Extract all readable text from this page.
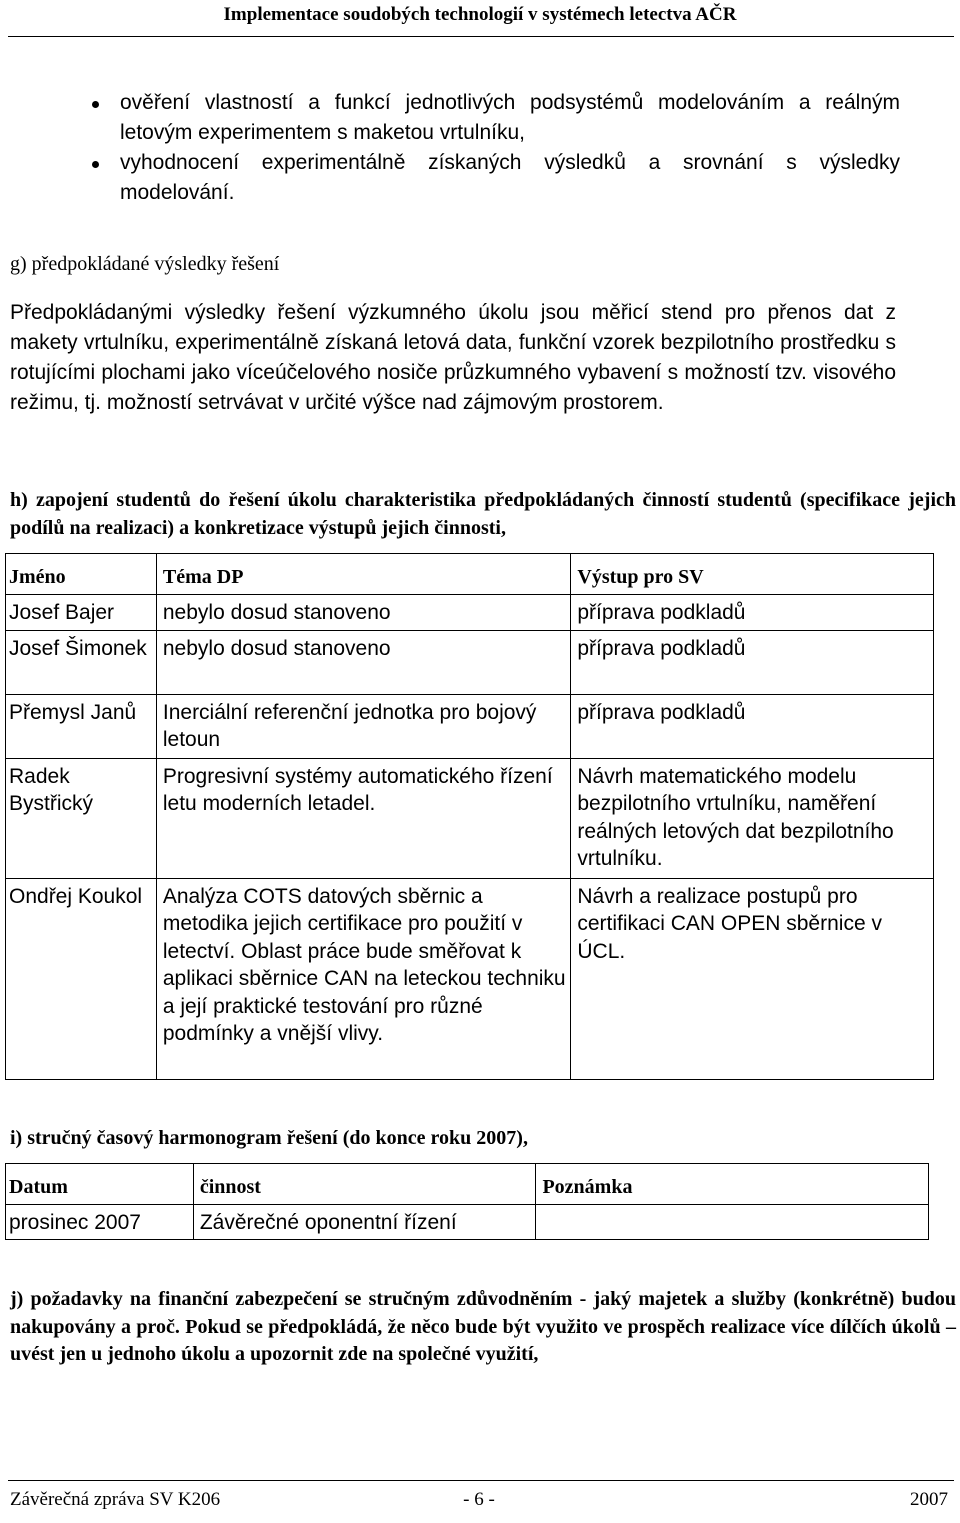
Implementace soudobých technologií v systémech letectva AČR
ověření vlastností a funkcí jednotlivých podsystémů modelováním a reálným letovým experimentem s maketou vrtulníku,
vyhodnocení experimentálně získaných výsledků a srovnání s výsledky modelování.
g) předpokládané výsledky řešení
Předpokládanými výsledky řešení výzkumného úkolu jsou měřicí stend pro přenos dat z makety vrtulníku, experimentálně získaná letová data, funkční vzorek bezpilotního prostředku s rotujícími plochami jako víceúčelového nosiče průzkumného vybavení s možností tzv. visového režimu, tj. možností setrvávat v určité výšce nad zájmovým prostorem.
h) zapojení studentů do řešení úkolu charakteristika předpokládaných činností studentů (specifikace jejich podílů na realizaci) a konkretizace výstupů jejich činnosti,
Jméno	Téma DP	Výstup pro SV
Josef Bajer	nebylo dosud stanoveno	příprava podkladů
Josef Šimonek	nebylo dosud stanoveno	příprava podkladů
Přemysl Janů	Inerciální referenční jednotka pro bojový letoun	příprava podkladů
Radek Bystřický	Progresivní systémy automatického řízení letu moderních letadel.	Návrh matematického modelu bezpilotního vrtulníku, naměření reálných letových dat bezpilotního vrtulníku.
Ondřej Koukol	Analýza COTS datových sběrnic a metodika jejich certifikace pro použití v letectví. Oblast práce bude směřovat k aplikaci sběrnice CAN na leteckou techniku a její praktické testování pro různé podmínky a vnější vlivy.	Návrh a realizace postupů pro certifikaci CAN OPEN sběrnice v ÚCL.
i) stručný časový harmonogram řešení (do konce roku 2007),
Datum	činnost	Poznámka
prosinec 2007	Závěrečné oponentní řízení	
j) požadavky na finanční zabezpečení se stručným zdůvodněním - jaký majetek a služby (konkrétně) budou nakupovány a proč. Pokud se předpokládá, že něco bude být využito ve prospěch realizace více dílčích úkolů – uvést jen u jednoho úkolu a upozornit zde na společné využití,
Závěrečná zpráva SV K206	- 6 -	2007
